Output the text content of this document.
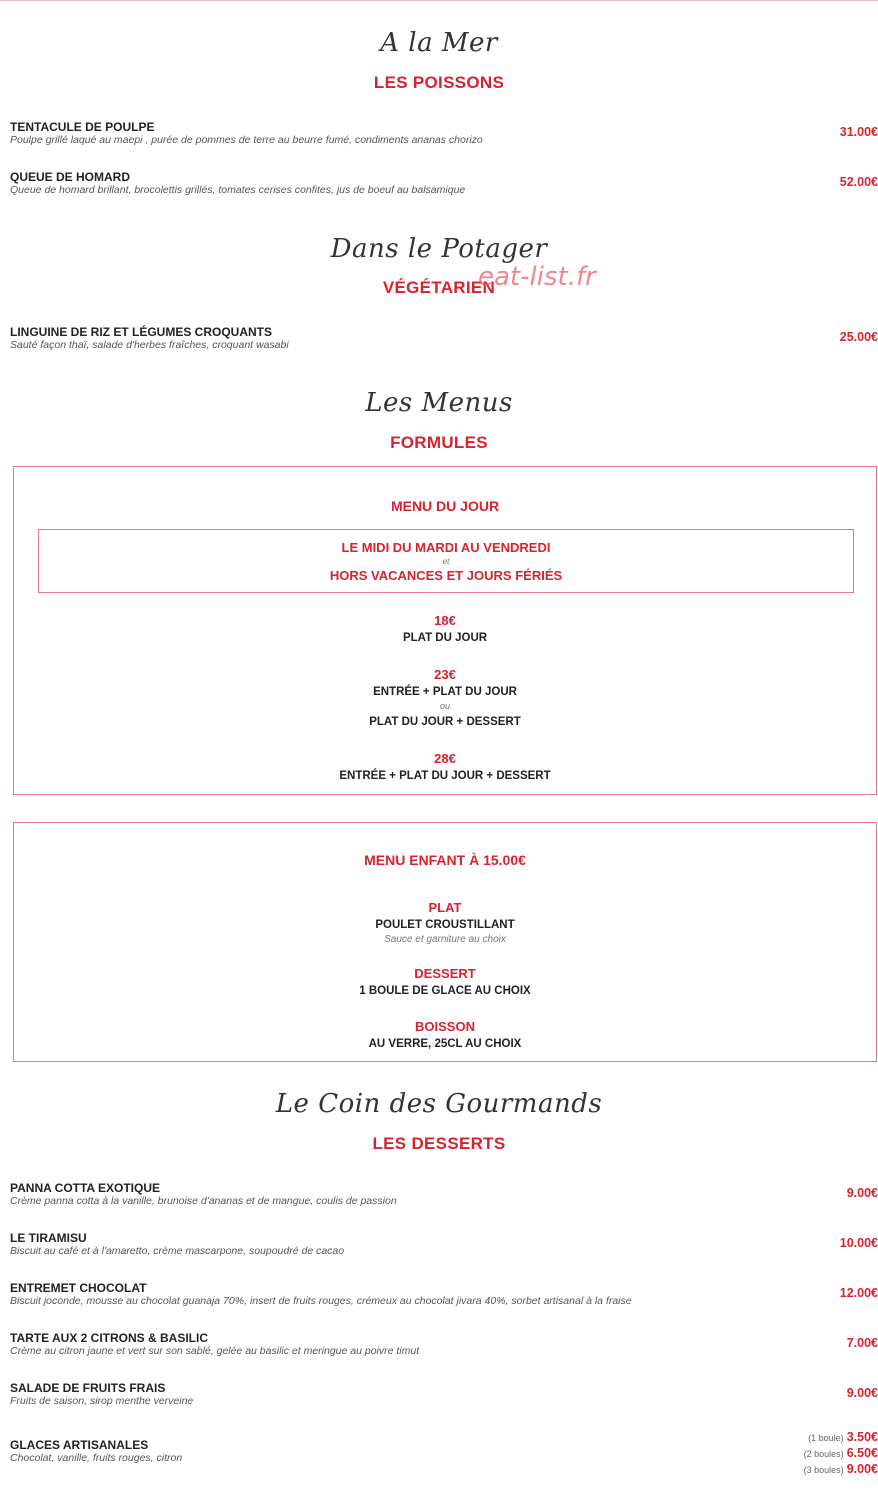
A la Mer
LES POISSONS
TENTACULE DE POULPE
Poulpe grillé laqué au maepi , purée de pommes de terre au beurre fumé, condiments ananas chorizo
31.00€
QUEUE DE HOMARD
Queue de homard brillant, brocolettis grillés, tomates cerises confites, jus de boeuf au balsamique
52.00€
Dans le Potager
VÉGÉTARIEN
eat-list.fr
LINGUINE DE RIZ ET LÉGUMES CROQUANTS
Sauté façon thaï, salade d'herbes fraîches, croquant wasabi
25.00€
Les Menus
FORMULES
MENU DU JOUR
LE MIDI DU MARDI AU VENDREDI
et
HORS VACANCES ET JOURS FÉRIÉS
18€
PLAT DU JOUR
23€
ENTRÉE + PLAT DU JOUR
ou
PLAT DU JOUR + DESSERT
28€
ENTRÉE + PLAT DU JOUR + DESSERT
MENU ENFANT À 15.00€
PLAT
POULET CROUSTILLANT
Sauce et garniture au choix
DESSERT
1 BOULE DE GLACE AU CHOIX
BOISSON
AU VERRE, 25CL AU CHOIX
Le Coin des Gourmands
LES DESSERTS
PANNA COTTA EXOTIQUE
Crème panna cotta à la vanille, brunoise d'ananas et de mangue, coulis de passion
9.00€
LE TIRAMISU
Biscuit au café et à l'amaretto, crème mascarpone, soupoudré de cacao
10.00€
ENTREMET CHOCOLAT
Biscuit joconde, mousse au chocolat guanaja 70%, insert de fruits rouges, crémeux au chocolat jivara 40%, sorbet artisanal à la fraise
12.00€
TARTE AUX 2 CITRONS & BASILIC
Crème au citron jaune et vert sur son sablé, gelée au basilic et meringue au poivre timut
7.00€
SALADE DE FRUITS FRAIS
Fruits de saison, sirop menthe verveine
9.00€
GLACES ARTISANALES
Chocolat, vanille, fruits rouges, citron
(1 boule) 3.50€
(2 boules) 6.50€
(3 boules) 9.00€
